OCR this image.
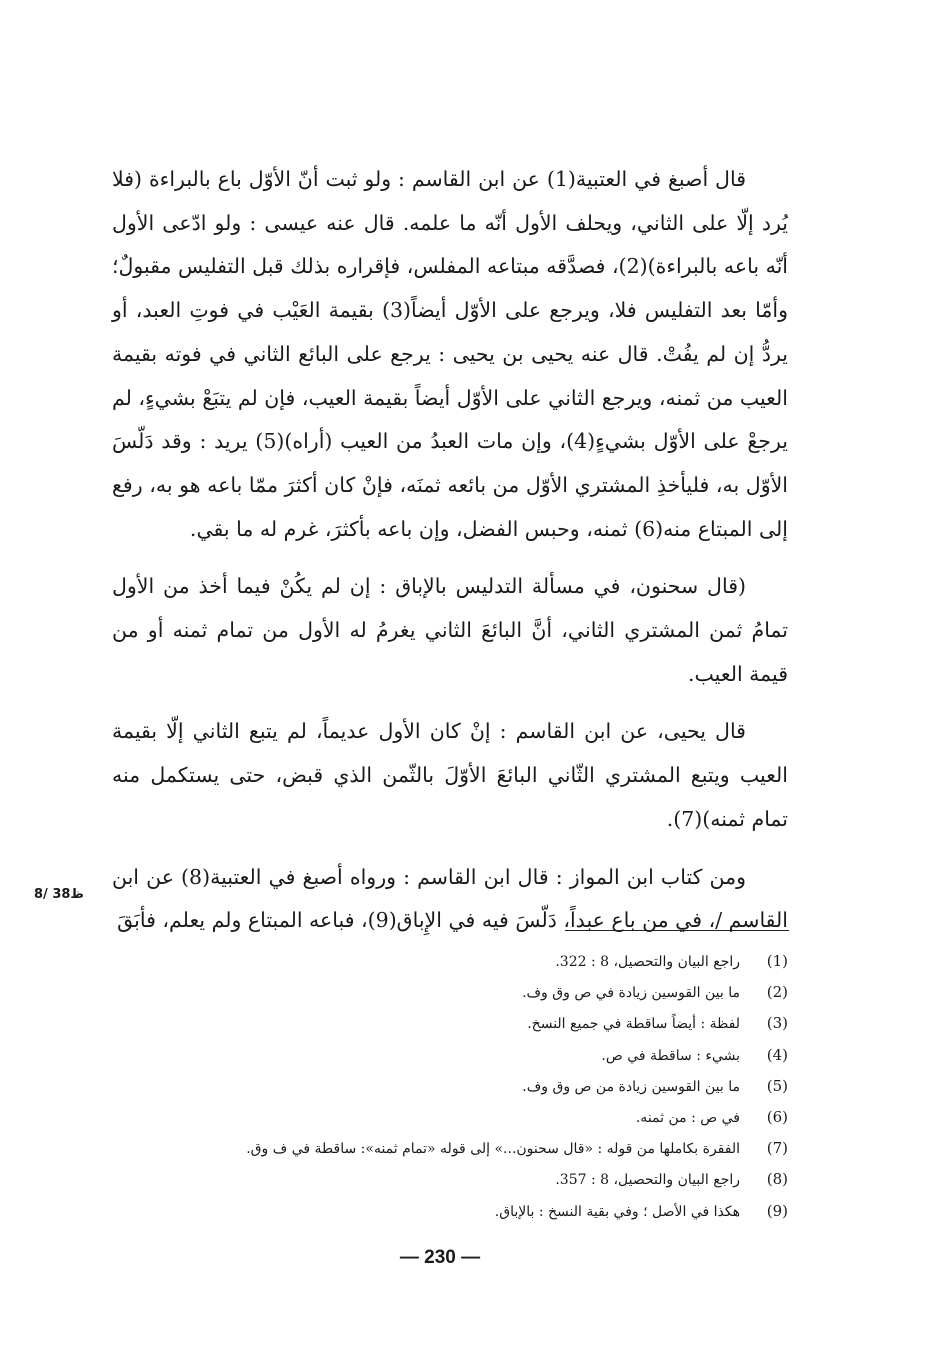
قال أصبغ في العتبية(1) عن ابن القاسم : ولو ثبت أنّ الأوّل باع بالبراءة (فلا يُرد إلّا على الثاني، ويحلف الأول أنّه ما علمه. قال عنه عيسى : ولو ادّعى الأول أنّه باعه بالبراءة)(2)، فصدَّقه مبتاعه المفلس، فإقراره بذلك قبل التفليس مقبولٌ؛ وأمّا بعد التفليس فلا، ويرجع على الأوّل أيضاً(3) بقيمة العَيْب في فوتِ العبد، أو يردُّ إن لم يفُتْ. قال عنه يحيى بن يحيى : يرجع على البائع الثاني في فوته بقيمة العيب من ثمنه، ويرجع الثاني على الأوّل أيضاً بقيمة العيب، فإن لم يتبَعْ بشيءٍ، لم يرجعْ على الأوّل بشيءٍ(4)، وإن مات العبدُ من العيب (أراه)(5) يريد : وقد دَلّسَ الأوّل به، فليأخذِ المشتري الأوّل من بائعه ثمنَه، فإنْ كان أكثرَ ممّا باعه هو به، رفع إلى المبتاع منه(6) ثمنه، وحبس الفضل، وإن باعه بأكثرَ، غرم له ما بقي.

(قال سحنون، في مسألة التدليس بالإباق : إن لم يكُنْ فيما أخذ من الأول تمامُ ثمن المشتري الثاني، أنَّ البائعَ الثاني يغرمُ له الأول من تمام ثمنه أو من قيمة العيب.

قال يحيى، عن ابن القاسم : إنْ كان الأول عديماً، لم يتبع الثاني إلّا بقيمة العيب ويتبع المشتري الثّاني البائعَ الأوّلَ بالثّمن الذي قبض، حتى يستكمل منه تمام ثمنه)(7).

ومن كتاب ابن المواز : قال ابن القاسم : ورواه أصبغ في العتبية(8) عن ابن القاسم /، في من باع عبداً، دَلّسَ فيه في الإِباق(9)، فباعه المبتاع ولم يعلم، فأبَقَ

8/ 38ظ
(1)
راجع البيان والتحصيل، 8 : 322.
(2)
ما بين القوسين زيادة في ص وق وف.
(3)
لفظة : أيضاً ساقطة في جميع النسخ.
(4)
بشيء : ساقطة في ص.
(5)
ما بين القوسين زيادة من ص وق وف.
(6)
في ص : من ثمنه.
(7)
الفقرة بكاملها من قوله : «قال سحنون...» إلى قوله «تمام ثمنه»: ساقطة في ف وق.
(8)
راجع البيان والتحصيل، 8 : 357.
(9)
هكذا في الأصل ؛ وفي بقية النسخ : بالإباق.
— 230 —
